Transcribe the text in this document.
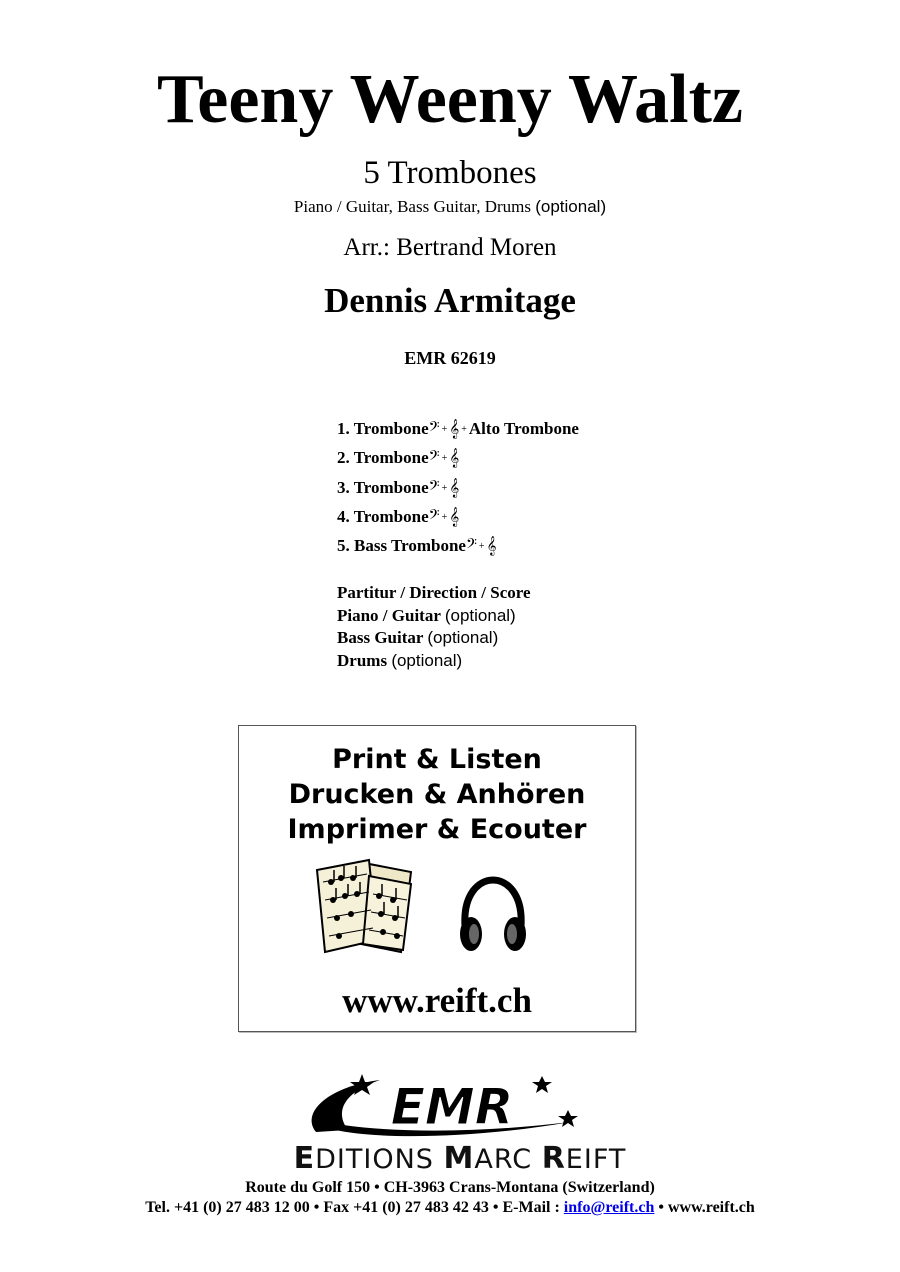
Teeny Weeny Waltz
5 Trombones
Piano / Guitar, Bass Guitar, Drums (optional)
Arr.: Bertrand Moren
Dennis Armitage
EMR 62619
1. Trombone𝄢 + 𝄞 + Alto Trombone
2. Trombone𝄢 + 𝄞
3. Trombone𝄢 + 𝄞
4. Trombone𝄢 + 𝄞
5. Bass Trombone𝄢 + 𝄞
Partitur / Direction / Score
Piano / Guitar (optional)
Bass Guitar (optional)
Drums (optional)
Print & Listen
Drucken & Anhören
Imprimer & Ecouter
www.reift.ch
EMR
EDITIONS MARC REIFT
Route du Golf 150 • CH-3963 Crans-Montana (Switzerland)
Tel. +41 (0) 27 483 12 00 • Fax +41 (0) 27 483 42 43 • E-Mail : info@reift.ch • www.reift.ch
